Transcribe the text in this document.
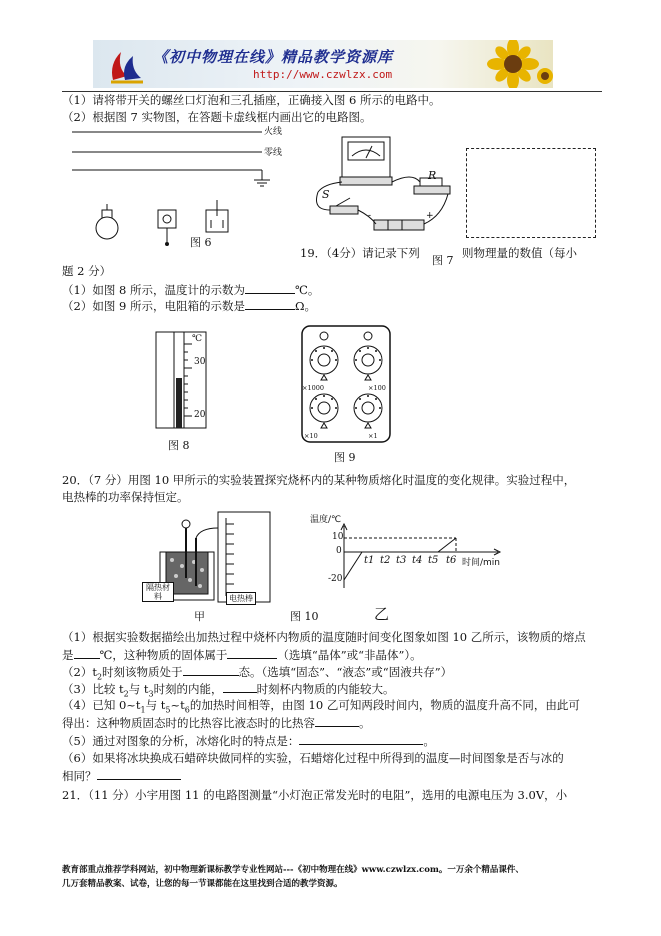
《初中物理在线》精品教学资源库
http://www.czwlzx.com
（1）请将带开关的螺丝口灯泡和三孔插座，正确接入图 6 所示的电路中。
（2）根据图 7 实物图，在答题卡虚线框内画出它的电路图。
火线
零线
图 6
-	+
S
R
19．（4分）请记录下列
图 7
则物理量的数值（每小
题 2 分）
（1）如图 8 所示，温度计的示数为	℃。
（2）如图 9 所示，电阻箱的示数是	Ω。
℃
30
20
图 8
×1000	×100
×10	×1
图 9
20．（7 分）用图 10 甲所示的实验装置探究烧杯内的某种物质熔化时温度的变化规律。实验过程中，
电热棒的功率保持恒定。
隔热材料	电热棒
甲
温度/℃
10
0
-20
t1 t2 t3 t4 t5 t6 时间/min
图 10	乙
（1）根据实验数据描绘出加热过程中烧杯内物质的温度随时间变化图象如图 10 乙所示，该物质的熔点
是 ℃，这种物质的固体属于	（选填“晶体”或“非晶体”）。
$(2)t_2$时刻该物质处于	态。（选填“固态”、“液态”或“固液共存”）
（3）比较 $t_2$与 $t_3$时刻的内能，	时刻杯内物质的内能较大。
（4）已知 $0\sim t_1$与 $t_5\sim t_6$的加热时间相等，由图 10 乙可知两段时间内，物质的温度升高不同，由此可
得出：这种物质固态时的比热容比液态时的比热容	。
（5）通过对图象的分析，冰熔化时的特点是：	。
（6）如果将冰块换成石蜡碎块做同样的实验，石蜡熔化过程中所得到的温度—时间图象是否与冰的
相同？
21．（11 分）小宇用图 11 的电路图测量“小灯泡正常发光时的电阻”，选用的电源电压为 3.0V，小
教育部重点推荐学科网站，初中物理新课标教学专业性网站---《初中物理在线》www.czwlzx.com。一万余个精品课件、
几万套精品教案、试卷，让您的每一节课都能在这里找到合适的教学资源。
